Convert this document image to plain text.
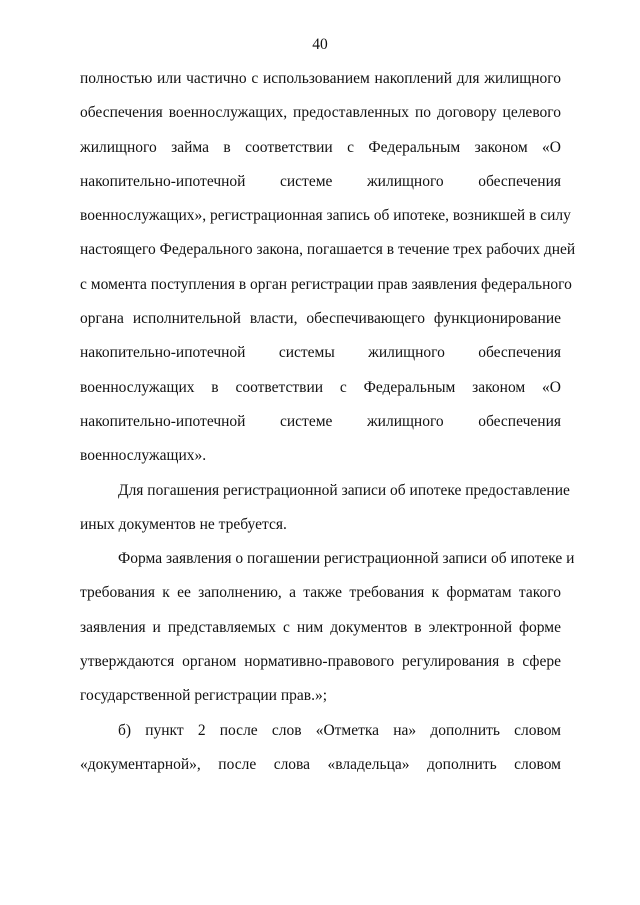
40
полностью или частично с использованием накоплений для жилищного
обеспечения военнослужащих, предоставленных по договору целевого
жилищного займа в соответствии с Федеральным законом «О
накопительно-ипотечной системе жилищного обеспечения
военнослужащих», регистрационная запись об ипотеке, возникшей в силу
настоящего Федерального закона, погашается в течение трех рабочих дней
с момента поступления в орган регистрации прав заявления федерального
органа исполнительной власти, обеспечивающего функционирование
накопительно-ипотечной системы жилищного обеспечения
военнослужащих в соответствии с Федеральным законом «О
накопительно-ипотечной системе жилищного обеспечения
военнослужащих».
Для погашения регистрационной записи об ипотеке предоставление
иных документов не требуется.
Форма заявления о погашении регистрационной записи об ипотеке и
требования к ее заполнению, а также требования к форматам такого
заявления и представляемых с ним документов в электронной форме
утверждаются органом нормативно-правового регулирования в сфере
государственной регистрации прав.»;
б) пункт 2 после слов «Отметка на» дополнить словом
«документарной», после слова «владельца» дополнить словом
